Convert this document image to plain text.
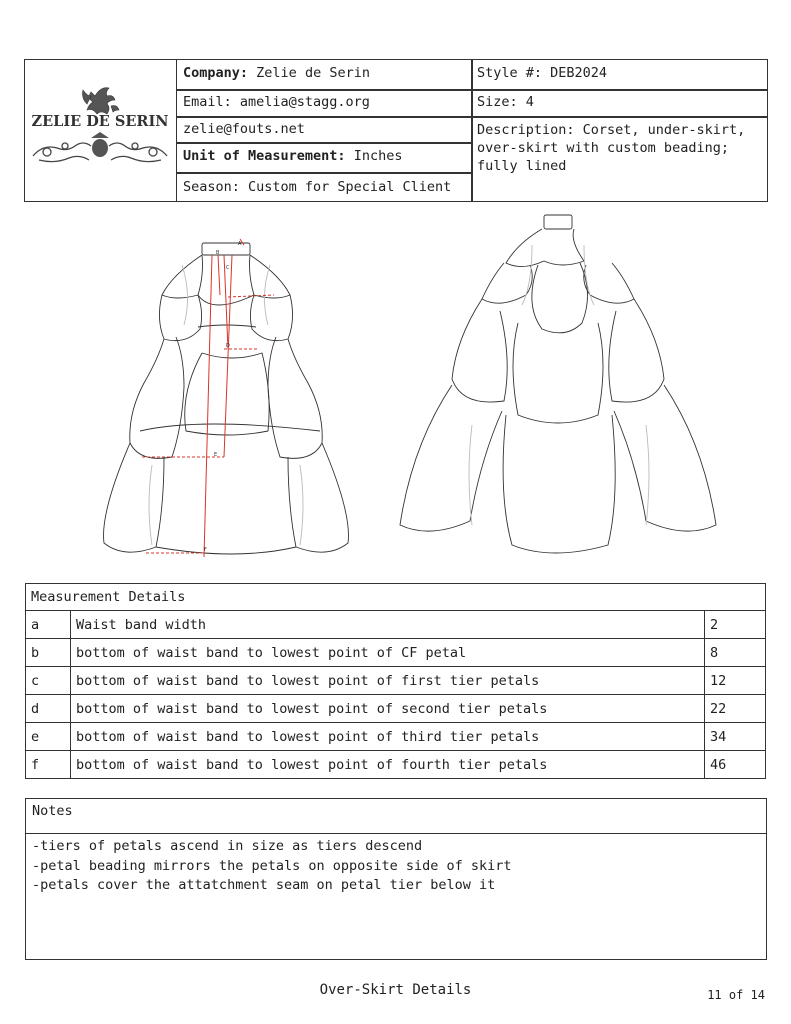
ZELIE DE SERIN
Company: Zelie de Serin	Style #: DEB2024
Email: amelia@stagg.org	Size: 4
zelie@fouts.net	Description: Corset, under-skirt,
over-skirt with custom beading;
fully lined
Unit of Measurement: Inches
Season: Custom for Special Client
A
B
C
D
E
F
Measurement Details		
a	Waist band width	2
b	bottom of waist band to lowest point of CF petal	8
c	bottom of waist band to lowest point of first tier petals	12
d	bottom of waist band to lowest point of second tier petals	22
e	bottom of waist band to lowest point of third tier petals	34
f	bottom of waist band to lowest point of fourth tier petals	46
Notes
-tiers of petals ascend in size as tiers descend
-petal beading mirrors the petals on opposite side of skirt
-petals cover the attatchment seam on petal tier below it
Over-Skirt Details	11 of 14
